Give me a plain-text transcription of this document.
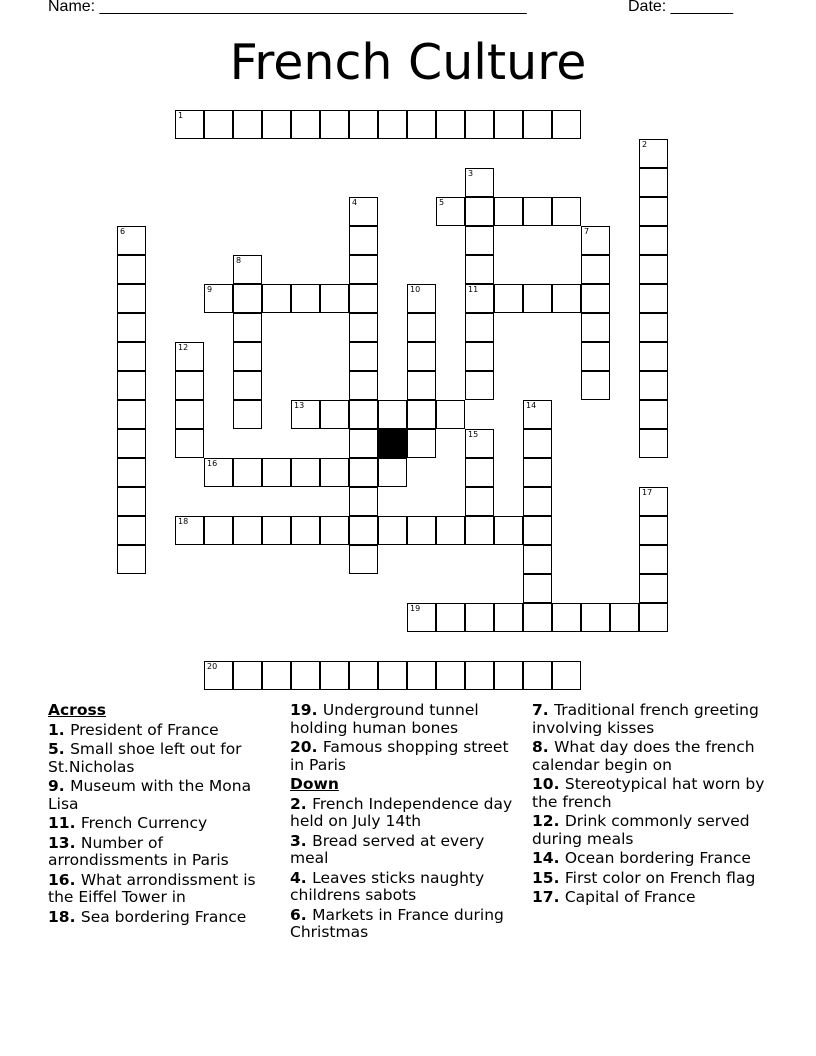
Name: ________________________________________________	Date: _______
French Culture
1
2
3
11
4	5
6	7
8
9	10
12
13	14
15
16
17
18
19
20
Across
1. President of France
5. Small shoe left out for St.Nicholas
9. Museum with the Mona Lisa
11. French Currency
13. Number of arrondissments in Paris
16. What arrondissment is the Eiffel Tower in
18. Sea bordering France
19. Underground tunnel holding human bones
20. Famous shopping street in Paris
Down
2. French Independence day held on July 14th
3. Bread served at every meal
4. Leaves sticks naughty childrens sabots
6. Markets in France during Christmas
7. Traditional french greeting involving kisses
8. What day does the french calendar begin on
10. Stereotypical hat worn by the french
12. Drink commonly served during meals
14. Ocean bordering France
15. First color on French flag
17. Capital of France
